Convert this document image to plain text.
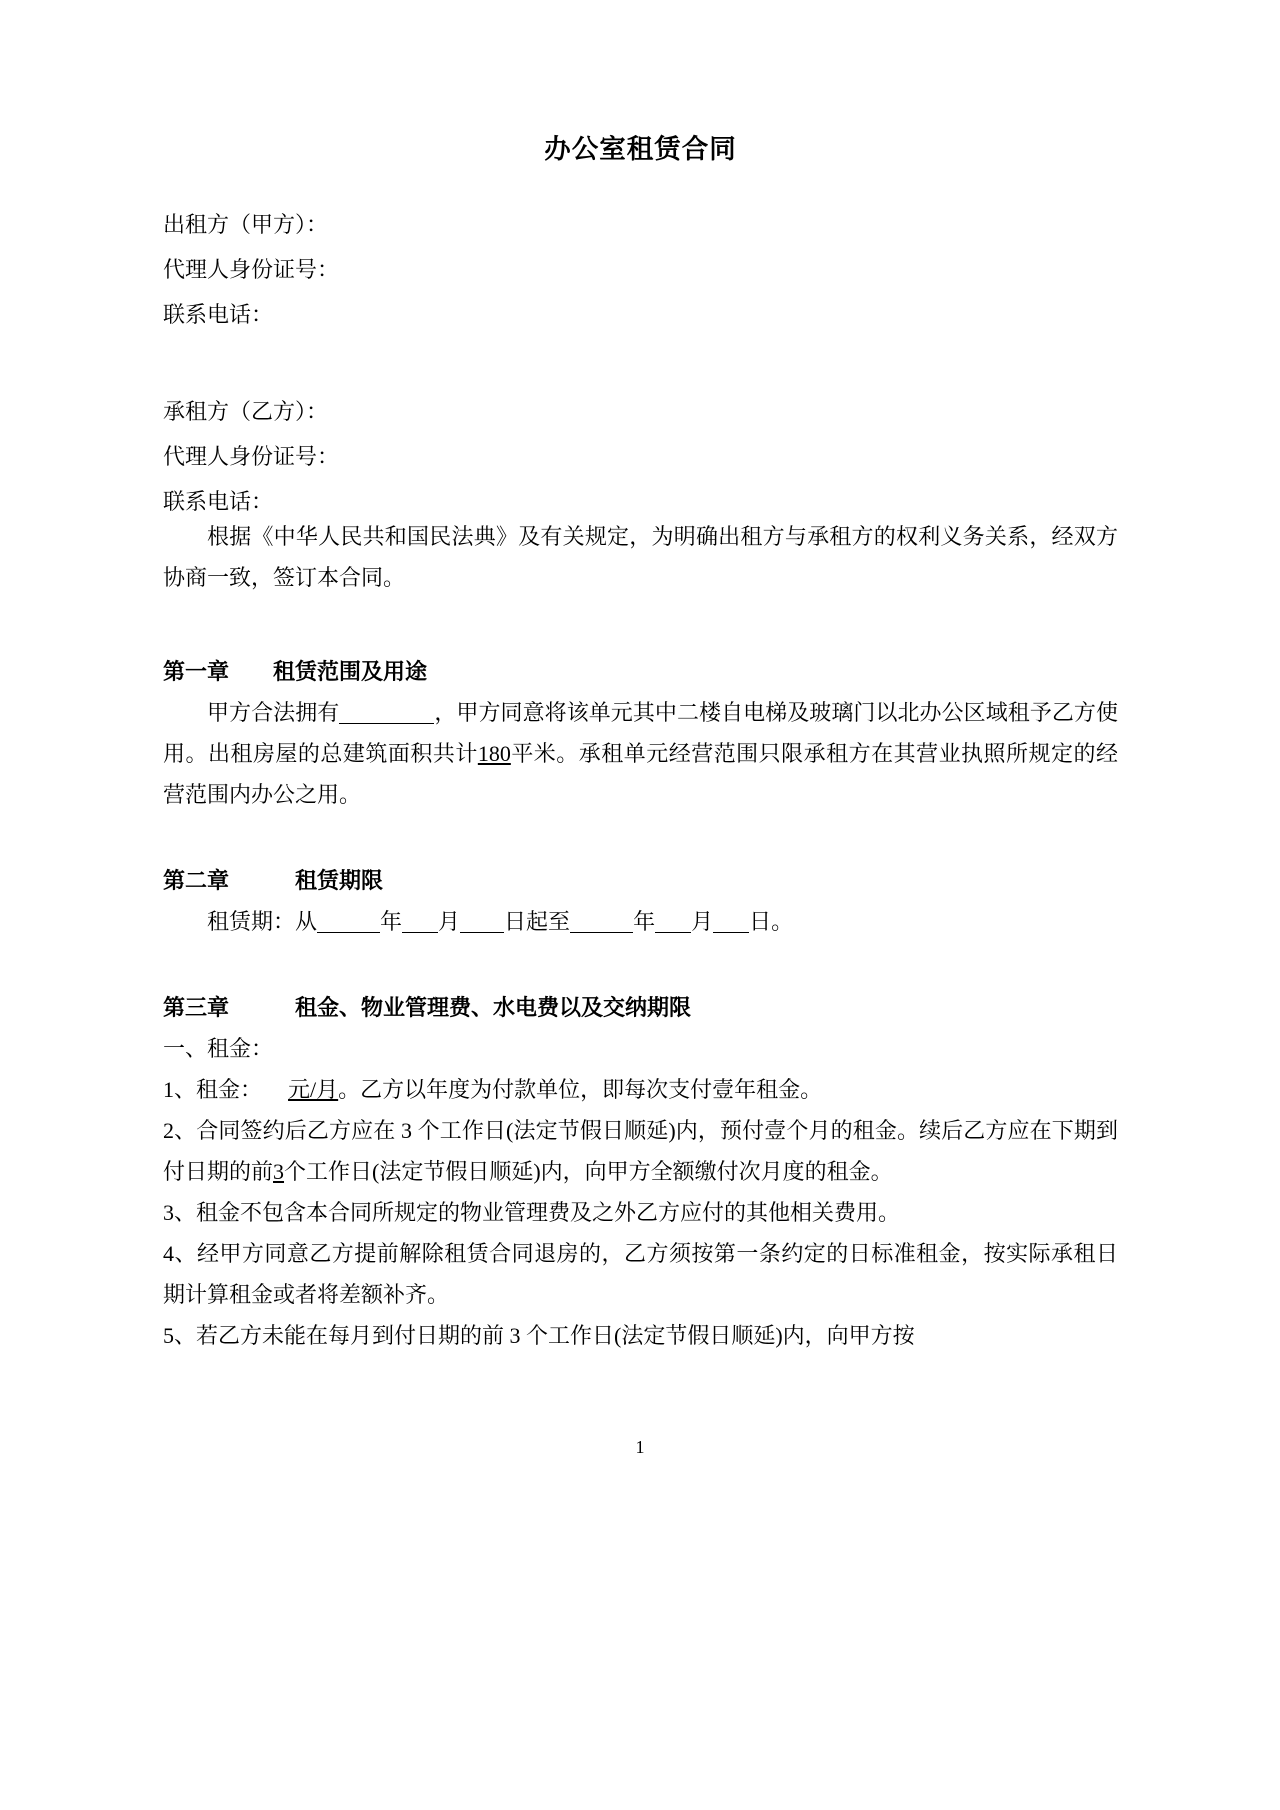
办公室租赁合同
出租方（甲方）：
代理人身份证号：
联系电话：
承租方（乙方）：
代理人身份证号：
联系电话：

根据《中华人民共和国民法典》及有关规定，为明确出租方与承租方的权利义务关系，经双方协商一致，签订本合同。

第一章　　租赁范围及用途

甲方合法拥有	，甲方同意将该单元其中二楼自电梯及玻璃门以北办公区域租予乙方使用。出租房屋的总建筑面积共计180平米。承租单元经营范围只限承租方在其营业执照所规定的经营范围内办公之用。

第二章　　　租赁期限

租赁期：从	年 月 日起至	年 月 日。

第三章　　　租金、物业管理费、水电费以及交纳期限

一、租金：

1、租金： 元/月。乙方以年度为付款单位，即每次支付壹年租金。

2、合同签约后乙方应在 3 个工作日(法定节假日顺延)内，预付壹个月的租金。续后乙方应在下期到付日期的前3个工作日(法定节假日顺延)内，向甲方全额缴付次月度的租金。

3、租金不包含本合同所规定的物业管理费及之外乙方应付的其他相关费用。

4、经甲方同意乙方提前解除租赁合同退房的，乙方须按第一条约定的日标准租金，按实际承租日期计算租金或者将差额补齐。

5、若乙方未能在每月到付日期的前 3 个工作日(法定节假日顺延)内，向甲方按

1
